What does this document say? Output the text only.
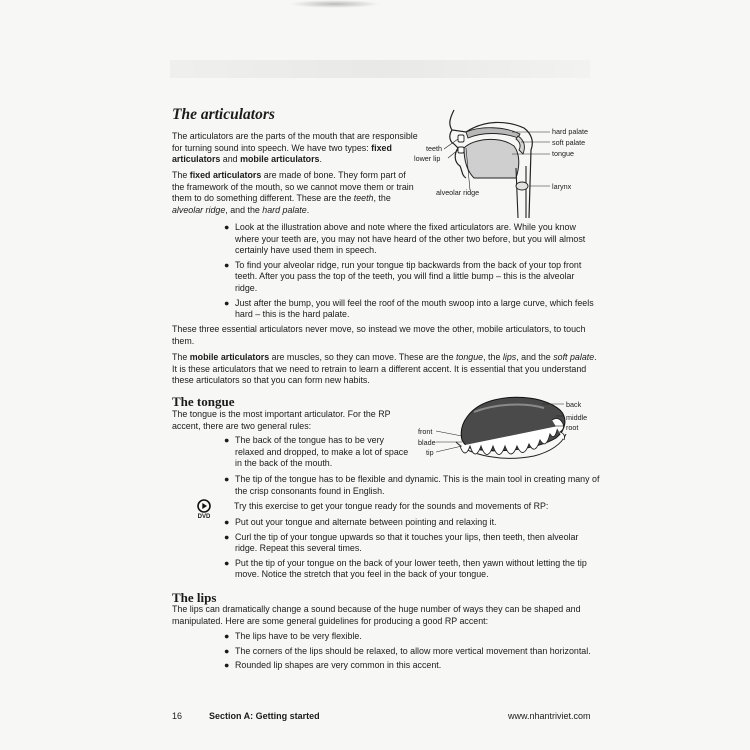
The articulators

The articulators are the parts of the mouth that are responsible for turning sound into speech. We have two types: fixed articulators and mobile articulators.

The fixed articulators are made of bone. They form part of the framework of the mouth, so we cannot move them or train them to do something different. These are the teeth, the alveolar ridge, and the hard palate.

hard palate
soft palate
tongue
teeth
lower lip
alveolar ridge
larynx
● Look at the illustration above and note where the fixed articulators are. While you know where your teeth are, you may not have heard of the other two before, but you will almost certainly have used them in speech.
● To find your alveolar ridge, run your tongue tip backwards from the back of your top front teeth. After you pass the top of the teeth, you will find a little bump – this is the alveolar ridge.
● Just after the bump, you will feel the roof of the mouth swoop into a large curve, which feels hard – this is the hard palate.

These three essential articulators never move, so instead we move the other, mobile articulators, to touch them.

The mobile articulators are muscles, so they can move. These are the tongue, the lips, and the soft palate. It is these articulators that we need to retrain to learn a different accent. It is essential that you understand these articulators so that you can form new habits.

The tongue

The tongue is the most important articulator. For the RP accent, there are two general rules:

● The back of the tongue has to be very relaxed and dropped, to make a lot of space in the back of the mouth.
● The tip of the tongue has to be flexible and dynamic. This is the main tool in creating many of the crisp consonants found in English.
back
middle
root
front
blade
tip
DVD

Try this exercise to get your tongue ready for the sounds and movements of RP:

● Put out your tongue and alternate between pointing and relaxing it.
● Curl the tip of your tongue upwards so that it touches your lips, then teeth, then alveolar ridge. Repeat this several times.
● Put the tip of your tongue on the back of your lower teeth, then yawn without letting the tip move. Notice the stretch that you feel in the back of your tongue.
The lips

The lips can dramatically change a sound because of the huge number of ways they can be shaped and manipulated. Here are some general guidelines for producing a good RP accent:

● The lips have to be very flexible.
● The corners of the lips should be relaxed, to allow more vertical movement than horizontal.
● Rounded lip shapes are very common in this accent.
16	Section A: Getting started	www.nhantriviet.com
